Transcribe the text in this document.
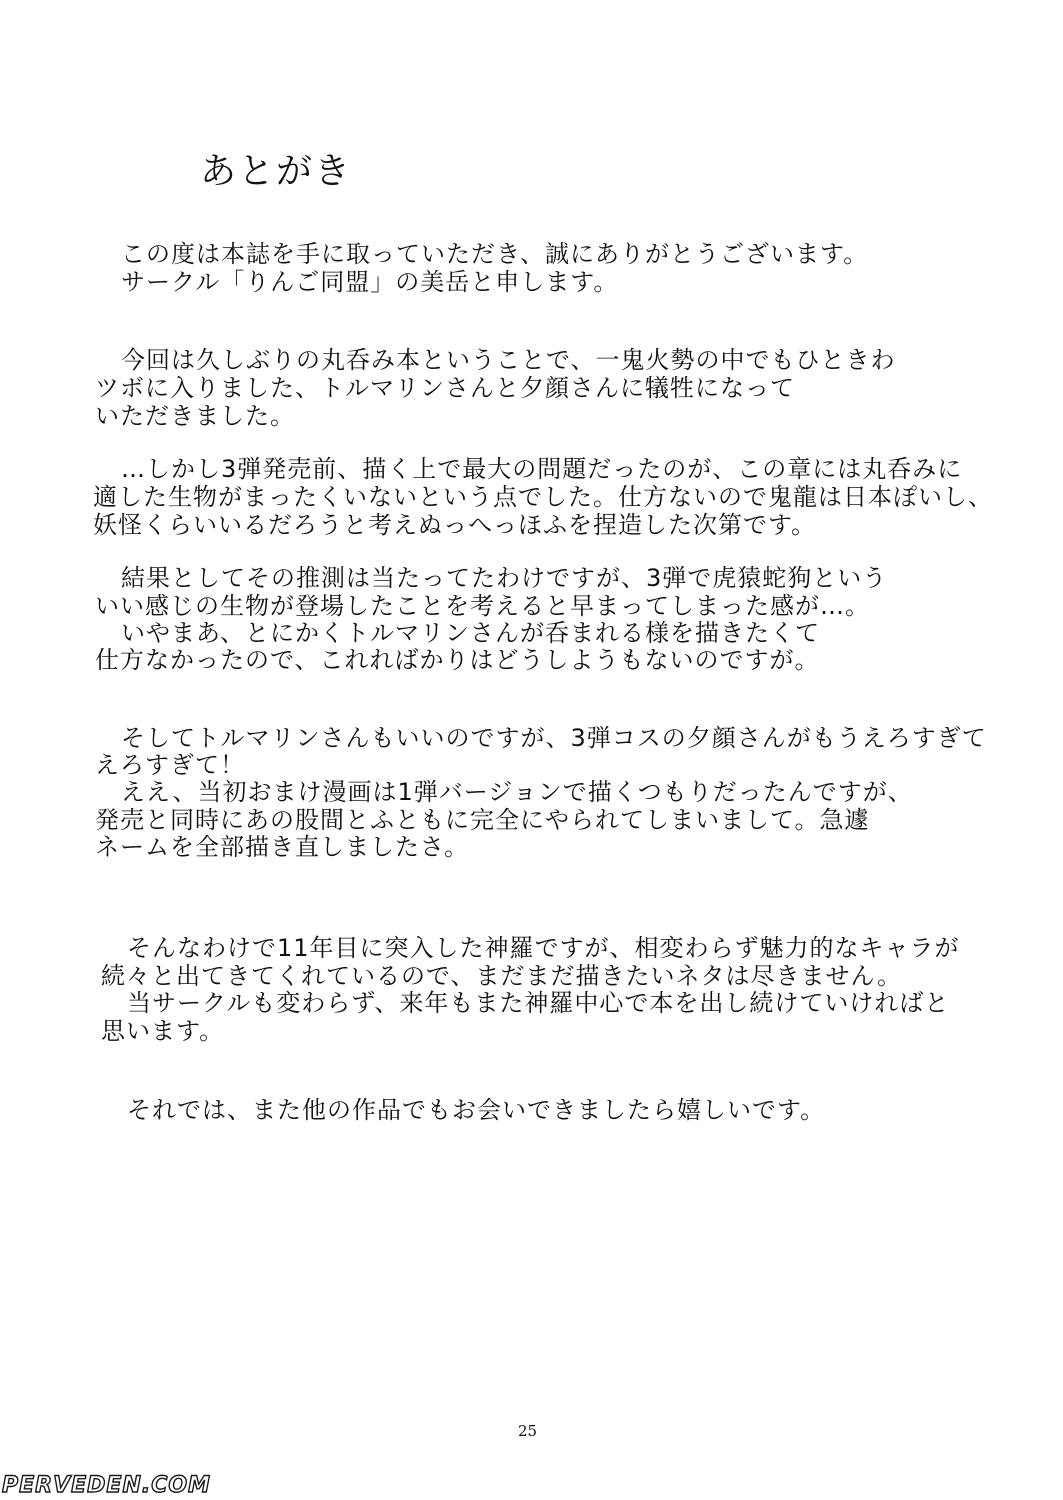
あとがき
この度は本誌を手に取っていただき、誠にありがとうございます。
サークル「りんご同盟」の美岳と申します。
今回は久しぶりの丸呑み本ということで、一鬼火勢の中でもひときわ
ツボに入りました、トルマリンさんと夕顔さんに犠牲になって
いただきました。
…しかし3弾発売前、描く上で最大の問題だったのが、この章には丸呑みに
適した生物がまったくいないという点でした。仕方ないので鬼龍は日本ぽいし、
妖怪くらいいるだろうと考えぬっへっほふを捏造した次第です。
結果としてその推測は当たってたわけですが、3弾で虎猿蛇狗という
いい感じの生物が登場したことを考えると早まってしまった感が…。
いやまあ、とにかくトルマリンさんが呑まれる様を描きたくて
仕方なかったので、これればかりはどうしようもないのですが。
そしてトルマリンさんもいいのですが、3弾コスの夕顔さんがもうえろすぎて
えろすぎて！
ええ、当初おまけ漫画は1弾バージョンで描くつもりだったんですが、
発売と同時にあの股間とふともに完全にやられてしまいまして。急遽
ネームを全部描き直しましたさ。
そんなわけで11年目に突入した神羅ですが、相変わらず魅力的なキャラが
続々と出てきてくれているので、まだまだ描きたいネタは尽きません。
当サークルも変わらず、来年もまた神羅中心で本を出し続けていければと
思います。
それでは、また他の作品でもお会いできましたら嬉しいです。
25
PERVEDEN.COM
